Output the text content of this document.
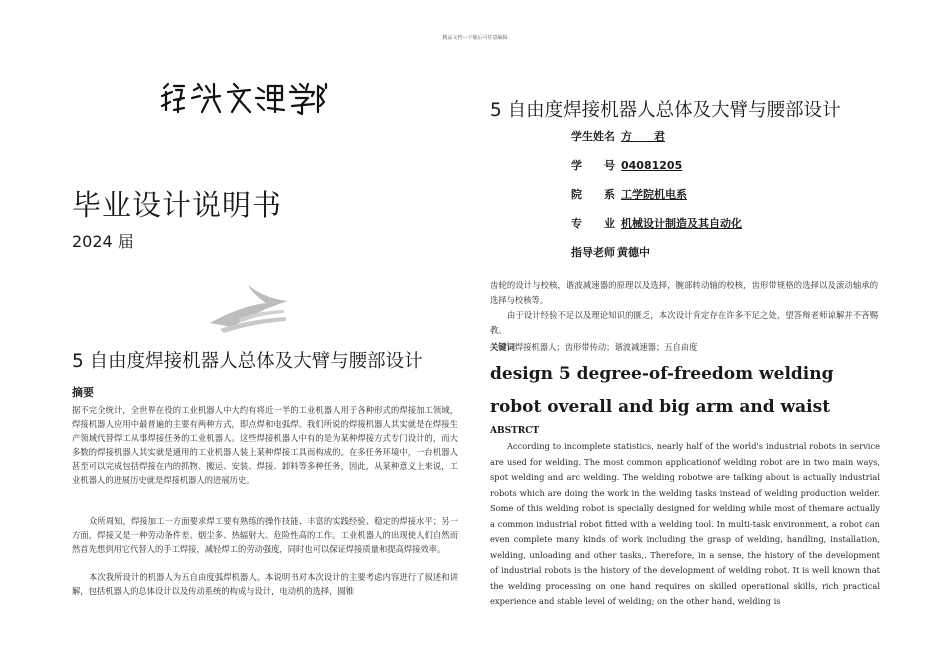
精品文档---下载后可任意编辑
毕业设计说明书
2024 届
5 自由度焊接机器人总体及大臂与腰部设计
摘要
据不完全统计，全世界在役的工业机器人中大约有将近一半的工业机器人用于各种形式的焊接加工领域，焊接机器人应用中最普遍的主要有两种方式，即点焊和电弧焊。我们所说的焊接机器人其实就是在焊接生产领域代替焊工从事焊接任务的工业机器人。这些焊接机器人中有的是为某种焊接方式专门设计的，而大多数的焊接机器人其实就是通用的工业机器人装上某种焊接工具而构成的。在多任务环境中，一台机器人甚至可以完成包括焊接在内的抓物、搬运、安装、焊接、卸料等多种任务，因此，从某种意义上来说，工业机器人的进展历史就是焊接机器人的进展历史。
众所周知，焊接加工一方面要求焊工要有熟练的操作技能、丰富的实践经验、稳定的焊接水平；另一方面，焊接又是一种劳动条件差、烟尘多、热辐射大、危险性高的工作。工业机器人的出现使人们自然而然首先想到用它代替人的手工焊接，减轻焊工的劳动强度，同时也可以保证焊接质量和提高焊接效率。
本次我所设计的机器人为五自由度弧焊机器人。本说明书对本次设计的主要考虑内容进行了叙述和讲解，包括机器人的总体设计以及传动系统的构成与设计，电动机的选择，圆锥
5 自由度焊接机器人总体及大臂与腰部设计
学生姓名 方　　君
学　　号 04081205
院　　系 工学院机电系
专　　业 机械设计制造及其自动化
指导老师 黄德中
齿轮的设计与校核，谐波减速器的原理以及选择，腕部转动轴的校核，齿形带规格的选择以及滚动轴承的选择与校核等。
由于设计经验不足以及理论知识的匮乏，本次设计肯定存在许多不足之处，望答辩老师谅解并不吝赐教。
关键词焊接机器人；齿形带传动；谐波减速器；五自由度
design 5 degree-of-freedom welding robot overall and big arm and waist
ABSTRCT
According to incomplete statistics, nearly half of the world's industrial robots in service are used for welding. The most common applicationof welding robot are in two main ways, spot welding and arc welding. The welding robotwe are talking about is actually industrial robots which are doing the work in the welding tasks instead of welding production welder. Some of this welding robot is specially designed for welding while most of themare actually a common industrial robot fitted with a welding tool. In multi-task environment, a robot can even complete many kinds of work including the grasp of welding, handling, installation, welding, unloading and other tasks,. Therefore, in a sense, the history of the development of industrial robots is the history of the development of welding robot. It is well known that the welding processing on one hand requires on skilled operational skills, rich practical experience and stable level of welding; on the other hand, welding is
